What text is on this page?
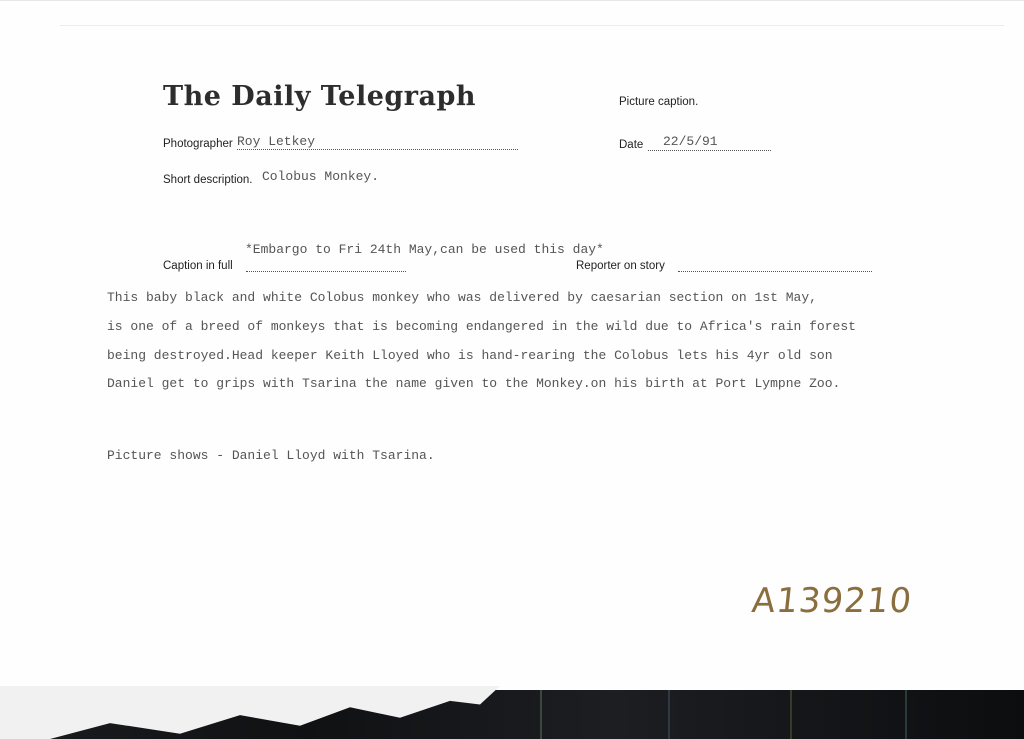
The Daily Telegraph	Picture caption.
Photographer Roy Letkey	Date 22/5/91
Short description. Colobus Monkey.
*Embargo to Fri 24th May,can be used this day*
Caption in full	Reporter on story
This baby black and white Colobus monkey who was delivered by caesarian section on 1st May,
is one of a breed of monkeys that is becoming endangered in the wild due to Africa's rain forest
being destroyed.Head keeper Keith Lloyed who is hand-rearing the Colobus lets his 4yr old son
Daniel get to grips with Tsarina the name given to the Monkey.on his birth at Port Lympne Zoo.
Picture shows - Daniel Lloyd with Tsarina.
A139210
